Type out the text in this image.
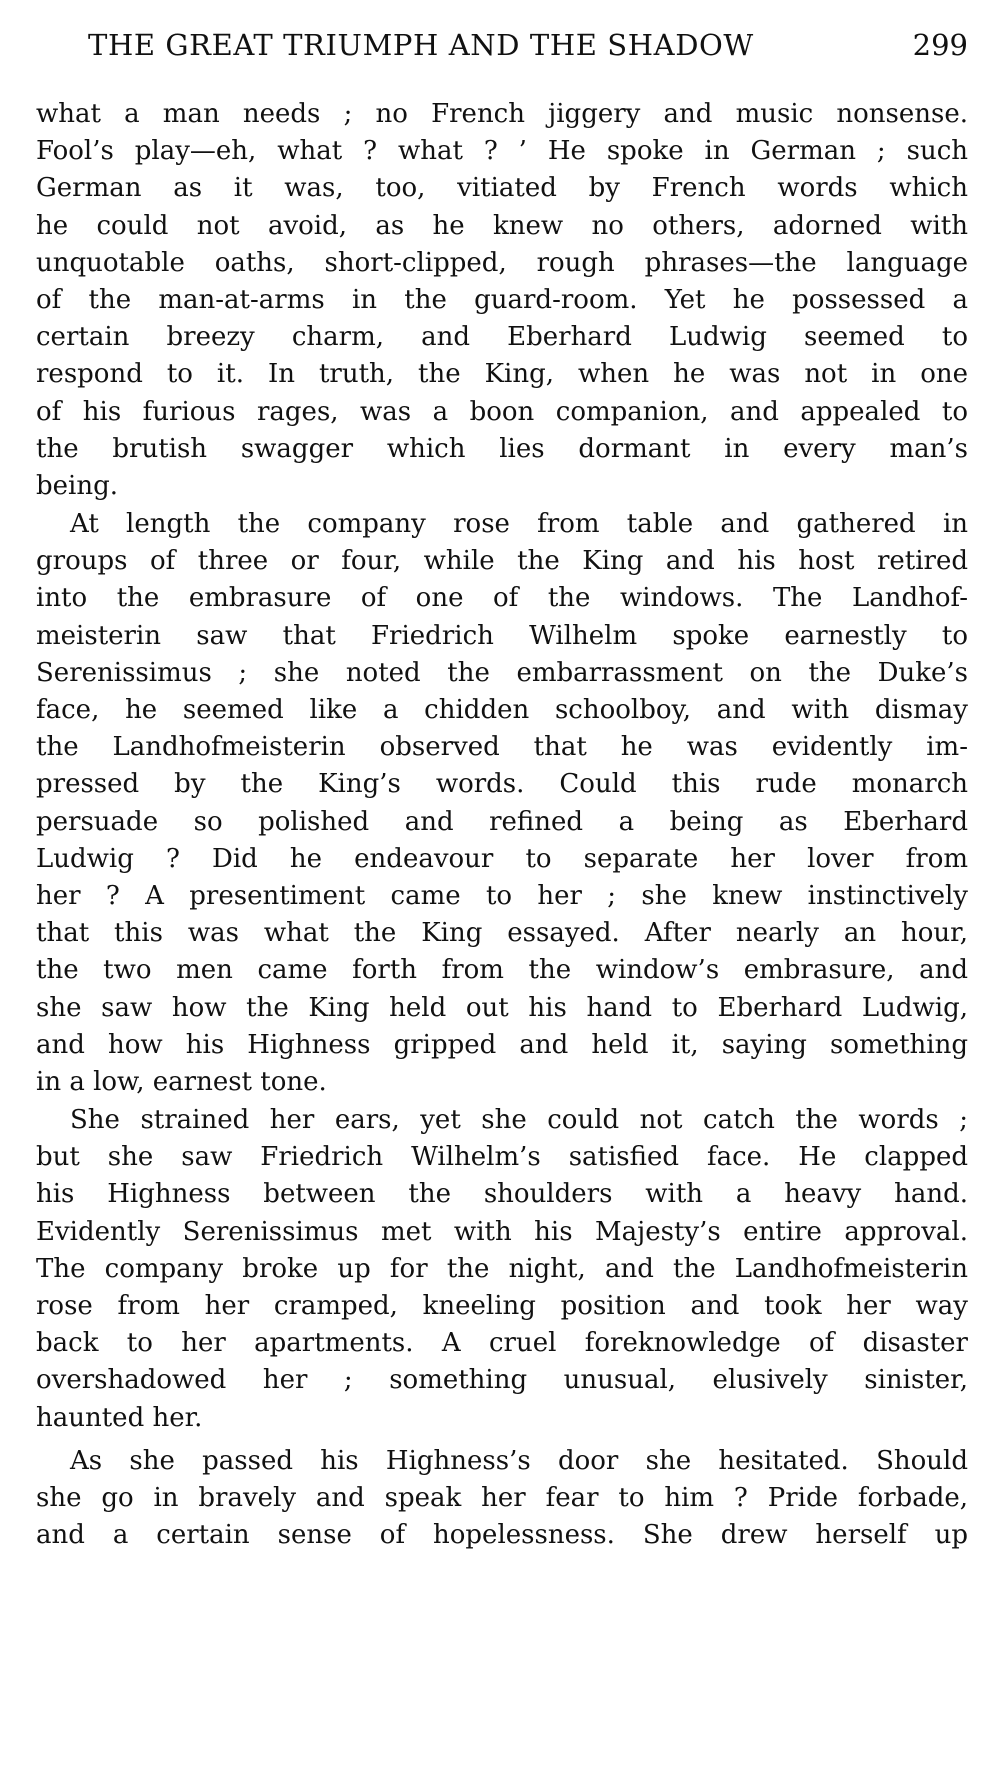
THE GREAT TRIUMPH AND THE SHADOW	299
what a man needs ; no French jiggery and music nonsense.
Fool’s play—eh, what ? what ? ’ He spoke in German ; such
German as it was, too, vitiated by French words which
he could not avoid, as he knew no others, adorned with
unquotable oaths, short-clipped, rough phrases—the language
of the man-at-arms in the guard-room. Yet he possessed a
certain breezy charm, and Eberhard Ludwig seemed to
respond to it. In truth, the King, when he was not in one
of his furious rages, was a boon companion, and appealed to
the brutish swagger which lies dormant in every man’s
being.
At length the company rose from table and gathered in
groups of three or four, while the King and his host retired
into the embrasure of one of the windows. The Landhof-
meisterin saw that Friedrich Wilhelm spoke earnestly to
Serenissimus ; she noted the embarrassment on the Duke’s
face, he seemed like a chidden schoolboy, and with dismay
the Landhofmeisterin observed that he was evidently im-
pressed by the King’s words. Could this rude monarch
persuade so polished and refined a being as Eberhard
Ludwig ? Did he endeavour to separate her lover from
her ? A presentiment came to her ; she knew instinctively
that this was what the King essayed. After nearly an hour,
the two men came forth from the window’s embrasure, and
she saw how the King held out his hand to Eberhard Ludwig,
and how his Highness gripped and held it, saying something
in a low, earnest tone.
She strained her ears, yet she could not catch the words ;
but she saw Friedrich Wilhelm’s satisfied face. He clapped
his Highness between the shoulders with a heavy hand.
Evidently Serenissimus met with his Majesty’s entire approval.
The company broke up for the night, and the Landhofmeisterin
rose from her cramped, kneeling position and took her way
back to her apartments. A cruel foreknowledge of disaster
overshadowed her ; something unusual, elusively sinister,
haunted her.
As she passed his Highness’s door she hesitated. Should
she go in bravely and speak her fear to him ? Pride forbade,
and a certain sense of hopelessness. She drew herself up
